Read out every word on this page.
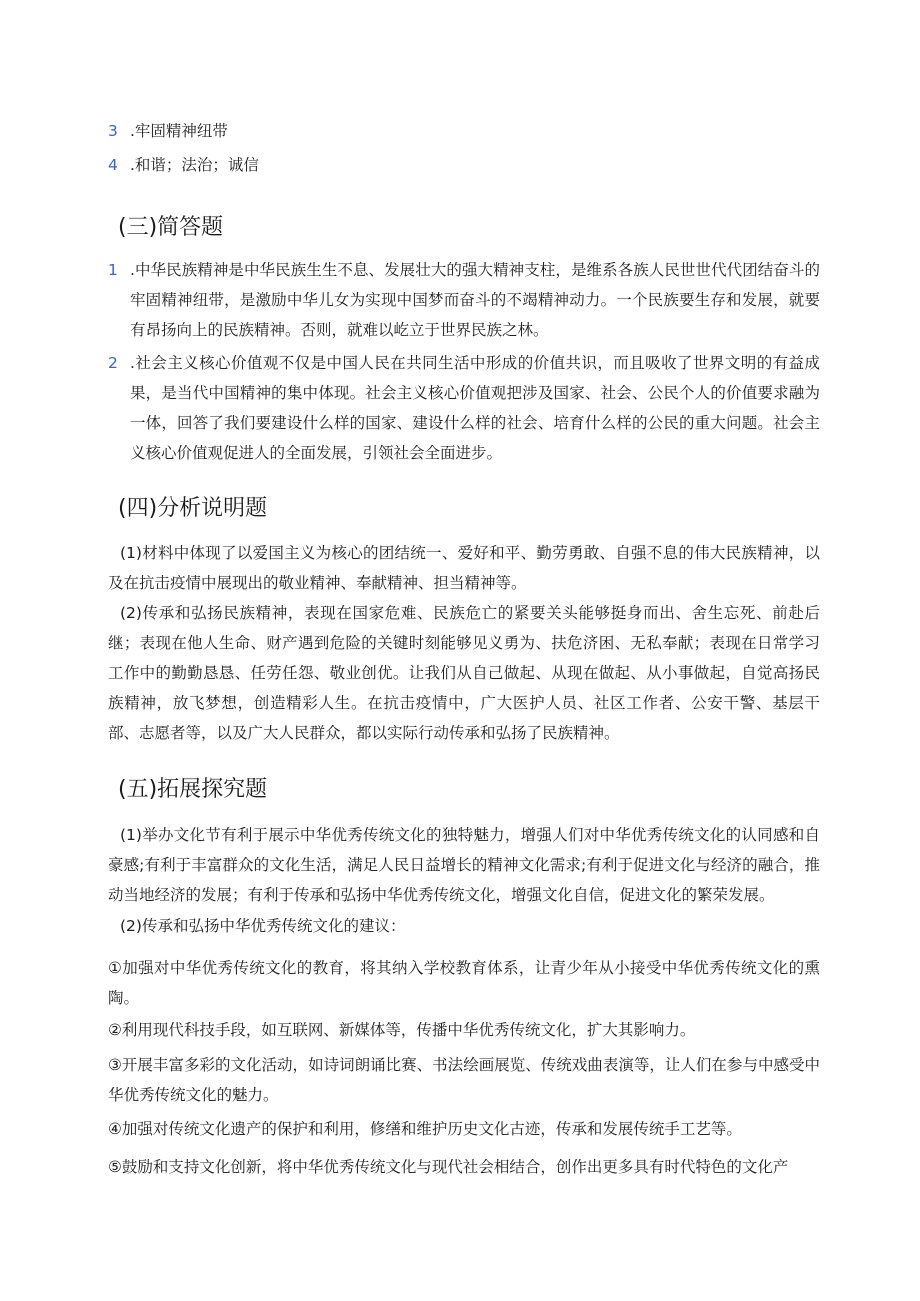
3 .牢固精神纽带
4 .和谐；法治；诚信
(三)简答题
1 .中华民族精神是中华民族生生不息、发展壮大的强大精神支柱，是维系各族人民世世代代团结奋斗的牢固精神纽带，是激励中华儿女为实现中国梦而奋斗的不竭精神动力。一个民族要生存和发展，就要有昂扬向上的民族精神。否则，就难以屹立于世界民族之林。
2 .社会主义核心价值观不仅是中国人民在共同生活中形成的价值共识，而且吸收了世界文明的有益成果，是当代中国精神的集中体现。社会主义核心价值观把涉及国家、社会、公民个人的价值要求融为一体，回答了我们要建设什么样的国家、建设什么样的社会、培育什么样的公民的重大问题。社会主义核心价值观促进人的全面发展，引领社会全面进步。
(四)分析说明题
(1)材料中体现了以爱国主义为核心的团结统一、爱好和平、勤劳勇敢、自强不息的伟大民族精神，以及在抗击疫情中展现出的敬业精神、奉献精神、担当精神等。
(2)传承和弘扬民族精神，表现在国家危难、民族危亡的紧要关头能够挺身而出、舍生忘死、前赴后继；表现在他人生命、财产遇到危险的关键时刻能够见义勇为、扶危济困、无私奉献；表现在日常学习工作中的勤勤恳恳、任劳任怨、敬业创优。让我们从自己做起、从现在做起、从小事做起，自觉高扬民族精神，放飞梦想，创造精彩人生。在抗击疫情中，广大医护人员、社区工作者、公安干警、基层干部、志愿者等，以及广大人民群众，都以实际行动传承和弘扬了民族精神。
(五)拓展探究题
(1)举办文化节有利于展示中华优秀传统文化的独特魅力，增强人们对中华优秀传统文化的认同感和自豪感;有利于丰富群众的文化生活，满足人民日益增长的精神文化需求;有利于促进文化与经济的融合，推动当地经济的发展；有利于传承和弘扬中华优秀传统文化，增强文化自信，促进文化的繁荣发展。
(2)传承和弘扬中华优秀传统文化的建议：
①加强对中华优秀传统文化的教育，将其纳入学校教育体系，让青少年从小接受中华优秀传统文化的熏陶。
②利用现代科技手段，如互联网、新媒体等，传播中华优秀传统文化，扩大其影响力。
③开展丰富多彩的文化活动，如诗词朗诵比赛、书法绘画展览、传统戏曲表演等，让人们在参与中感受中华优秀传统文化的魅力。
④加强对传统文化遗产的保护和利用，修缮和维护历史文化古迹，传承和发展传统手工艺等。
⑤鼓励和支持文化创新，将中华优秀传统文化与现代社会相结合，创作出更多具有时代特色的文化产
